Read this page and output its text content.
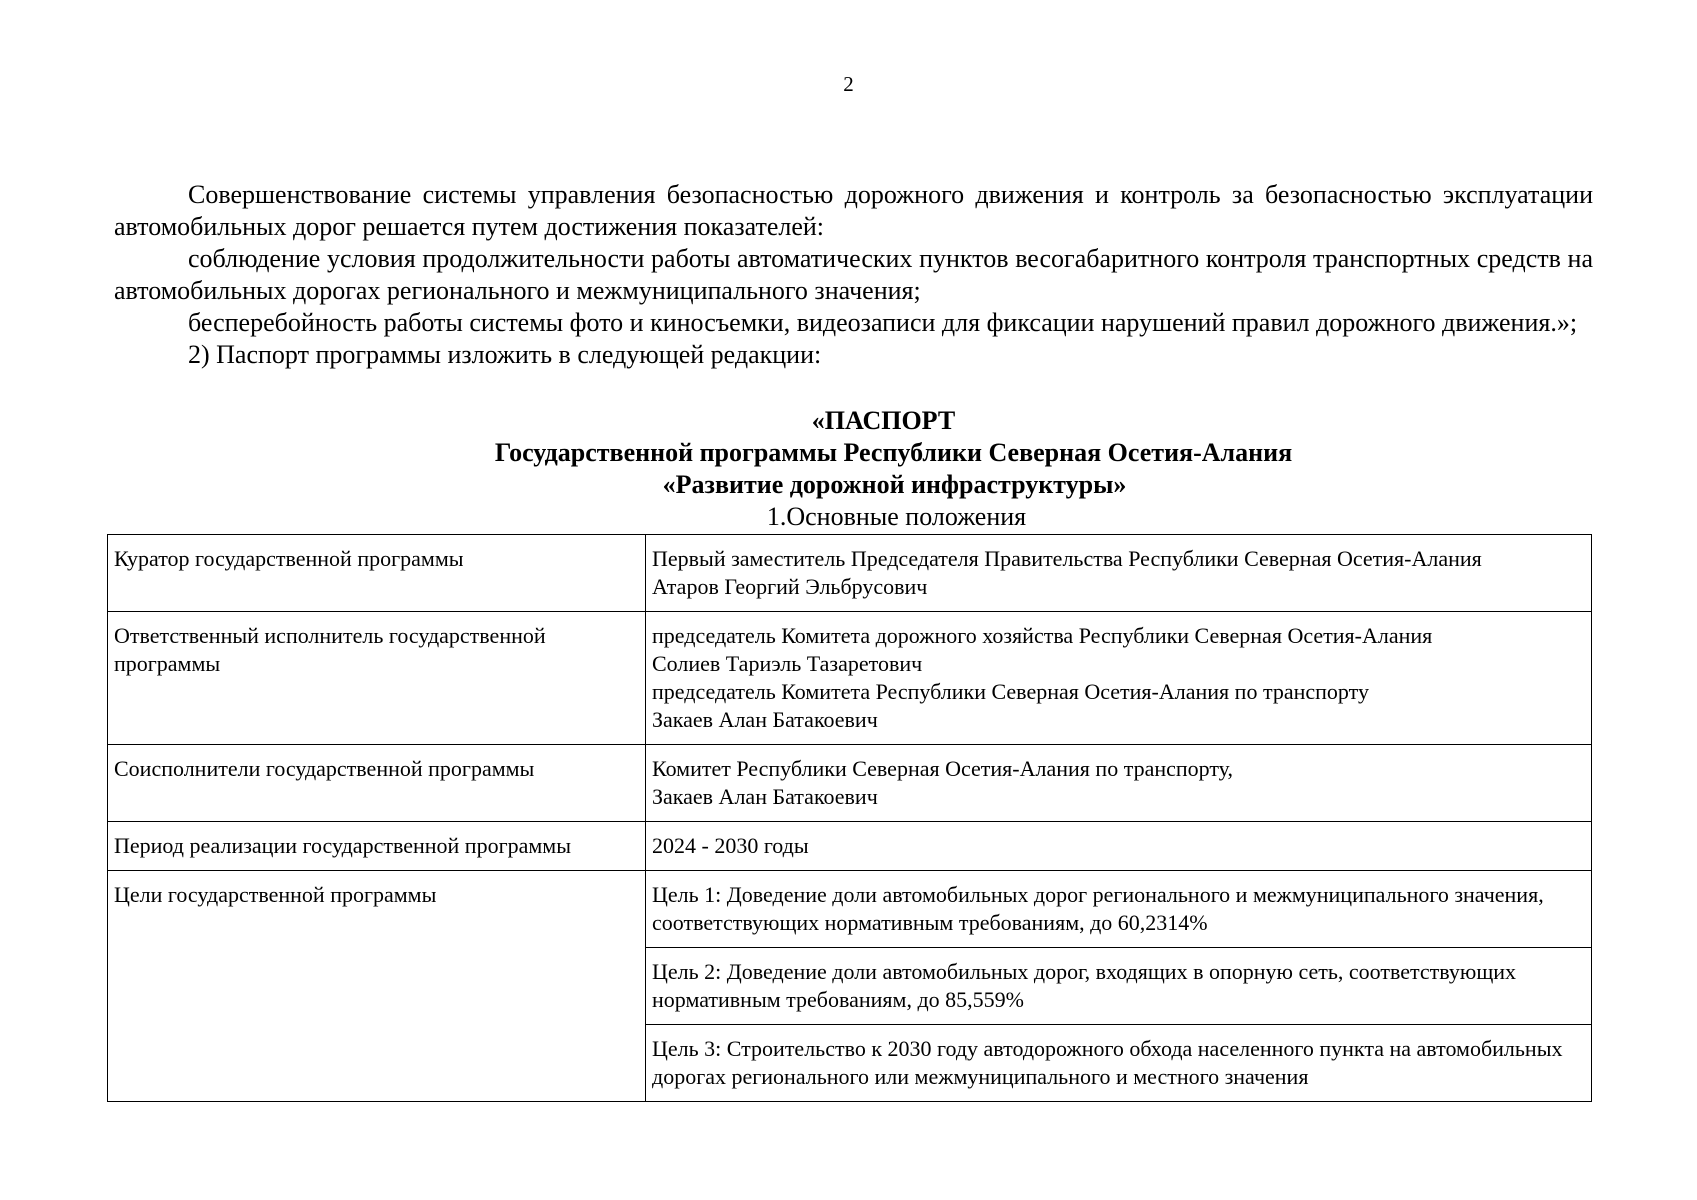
2

Совершенствование системы управления безопасностью дорожного движения и контроль за безопасностью эксплуатации автомобильных дорог решается путем достижения показателей:

соблюдение условия продолжительности работы автоматических пунктов весогабаритного контроля транспортных средств на автомобильных дорогах регионального и межмуниципального значения;

бесперебойность работы системы фото и киносъемки, видеозаписи для фиксации нарушений правил дорожного движения.»;

2) Паспорт программы изложить в следующей редакции:

«ПАСПОРТ
Государственной программы Республики Северная Осетия-Алания
«Развитие дорожной инфраструктуры»
1.Основные положения
Куратор государственной программы	Первый заместитель Председателя Правительства Республики Северная Осетия-Алания
Атаров Георгий Эльбрусович

Ответственный исполнитель государственной программы	председатель Комитета дорожного хозяйства Республики Северная Осетия-Алания
Солиев Тариэль Тазаретович
председатель Комитета Республики Северная Осетия-Алания по транспорту
Закаев Алан Батакоевич

Соисполнители государственной программы	Комитет Республики Северная Осетия-Алания по транспорту,
Закаев Алан Батакоевич

Период реализации государственной программы	2024 - 2030 годы

Цели государственной программы	Цель 1: Доведение доли автомобильных дорог регионального и межмуниципального значения, соответствующих нормативным требованиям, до 60,2314%
	Цель 2: Доведение доли автомобильных дорог, входящих в опорную сеть, соответствующих нормативным требованиям, до 85,559%
	Цель 3: Строительство к 2030 году автодорожного обхода населенного пункта на автомобильных дорогах регионального или межмуниципального и местного значения
